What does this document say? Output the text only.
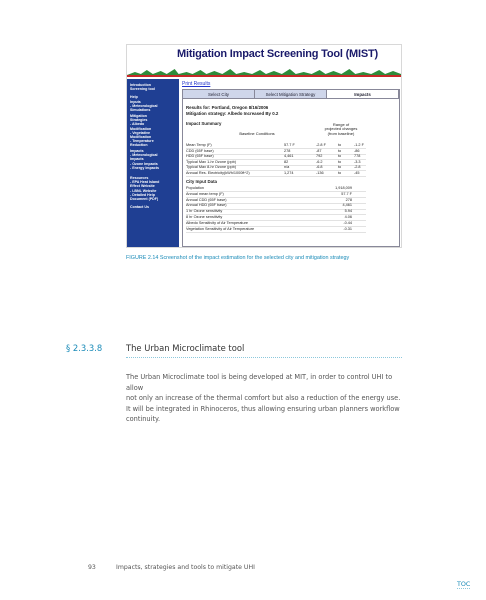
Mitigation Impact Screening Tool (MIST)
Introduction
Screening tool
Help
Inputs
- Meteorological
Simulations
Mitigation
Strategies
- Albedo
Modification
- Vegetative
Modification
- Temperature
Reduction
Impacts
- Meteorological
Impacts
- Ozone Impacts
- Energy Impacts
Resources
- EPA Heat Island
Effect Website
- LBNL Website
- Detailed Help
Document (PDF)
Contact Us
Print Results
Select City	Select Mitigation Strategy	Impacts
Results for: Portland, Oregon 8/16/2006
Mitigation strategy: Albedo Increased By 0.2
Impact Summary
Baseline Conditions
Range of
projected changes
(from baseline)
Mean Temp (F)	57.7 F	-2.8 F	to	-1.2 F
CDD (65F base)	278	-87	to	-86
HDD (65F base)	4,461	792	to	778
Typical Max 1-hr Ozone (ppb)	82	-6.2	to	-3.3
Typical Max 8-hr Ozone (ppb)	n/a	-6.8	to	-2.8
Annual Res. Electricity(kWh/1000ft^2)	1,274	-136	to	-45
City Input Data
Population	1,918,009
Annual mean temp (F)	57.7 F
Annual CDD (65F base)	278
Annual HDD (65F base)	4,461
1 hr Ozone sensitivity	5.94
8 hr Ozone sensitivity	4.06
Albedo Sensitivity of Air Temperature	-0.44
Vegetation Sensitivity of Air Temperature	-0.31
FIGURE 2.14 Screenshot of the impact estimation for the selected city and mitigation strategy
§ 2.3.3.8	The Urban Microclimate tool

The Urban Microclimate tool is being developed at MIT, in order to control UHI to allow

not only an increase of the thermal comfort but also a reduction of the energy use.

It will be integrated in Rhinoceros, thus allowing ensuring urban planners workflow

continuity.

93	Impacts, strategies and tools to mitigate UHI
TOC
